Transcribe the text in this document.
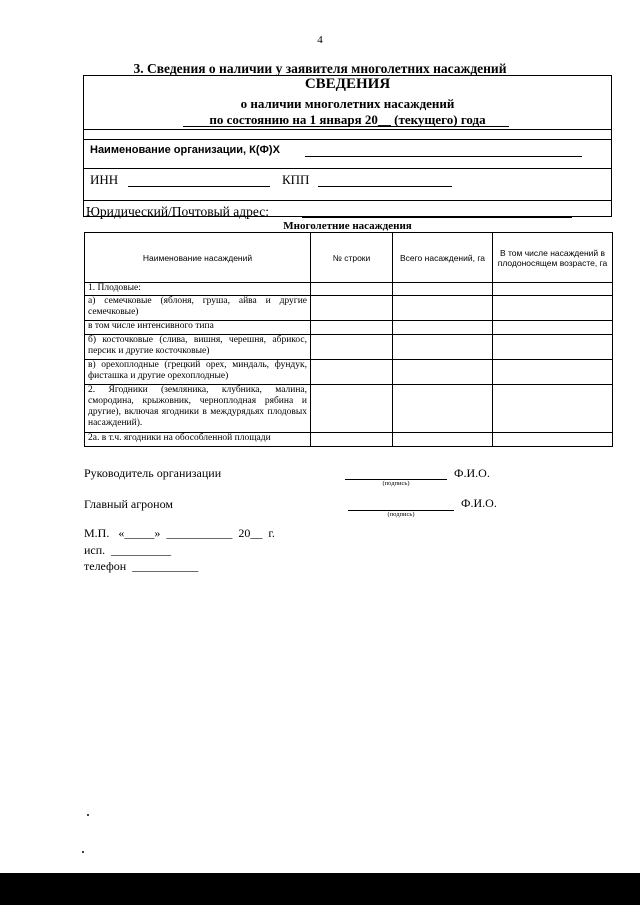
4
3. Сведения о наличии у заявителя многолетних насаждений
СВЕДЕНИЯ
о наличии многолетних насаждений
по состоянию на 1 января 20__ (текущего) года
Наименование организации, К(Ф)Х
ИНН	КПП
Юридический/Почтовый адрес:
Многолетние насаждения
Наименование насаждений	№ строки	Всего насаждений, га	В том числе насаждений в плодоносящем возрасте, га
1. Плодовые:			
а) семечковые (яблоня, груша, айва и другие семечковые)			
в том числе интенсивного типа			
б) косточковые (слива, вишня, черешня, абрикос, персик и другие косточковые)			
в) орехоплодные (грецкий орех, миндаль, фундук, фисташка и другие орехоплодные)			
2. Ягодники (земляника, клубника, малина, смородина, крыжовник, черноплодная рябина и другие), включая ягодники в междурядьях плодовых насаждений).			
2а. в т.ч. ягодники на обособленной площади			
Руководитель организации
(подпись)
Ф.И.О.
Главный агроном
(подпись)
Ф.И.О.
М.П.   «_____»  ___________  20__  г.
исп.  __________
телефон  ___________
